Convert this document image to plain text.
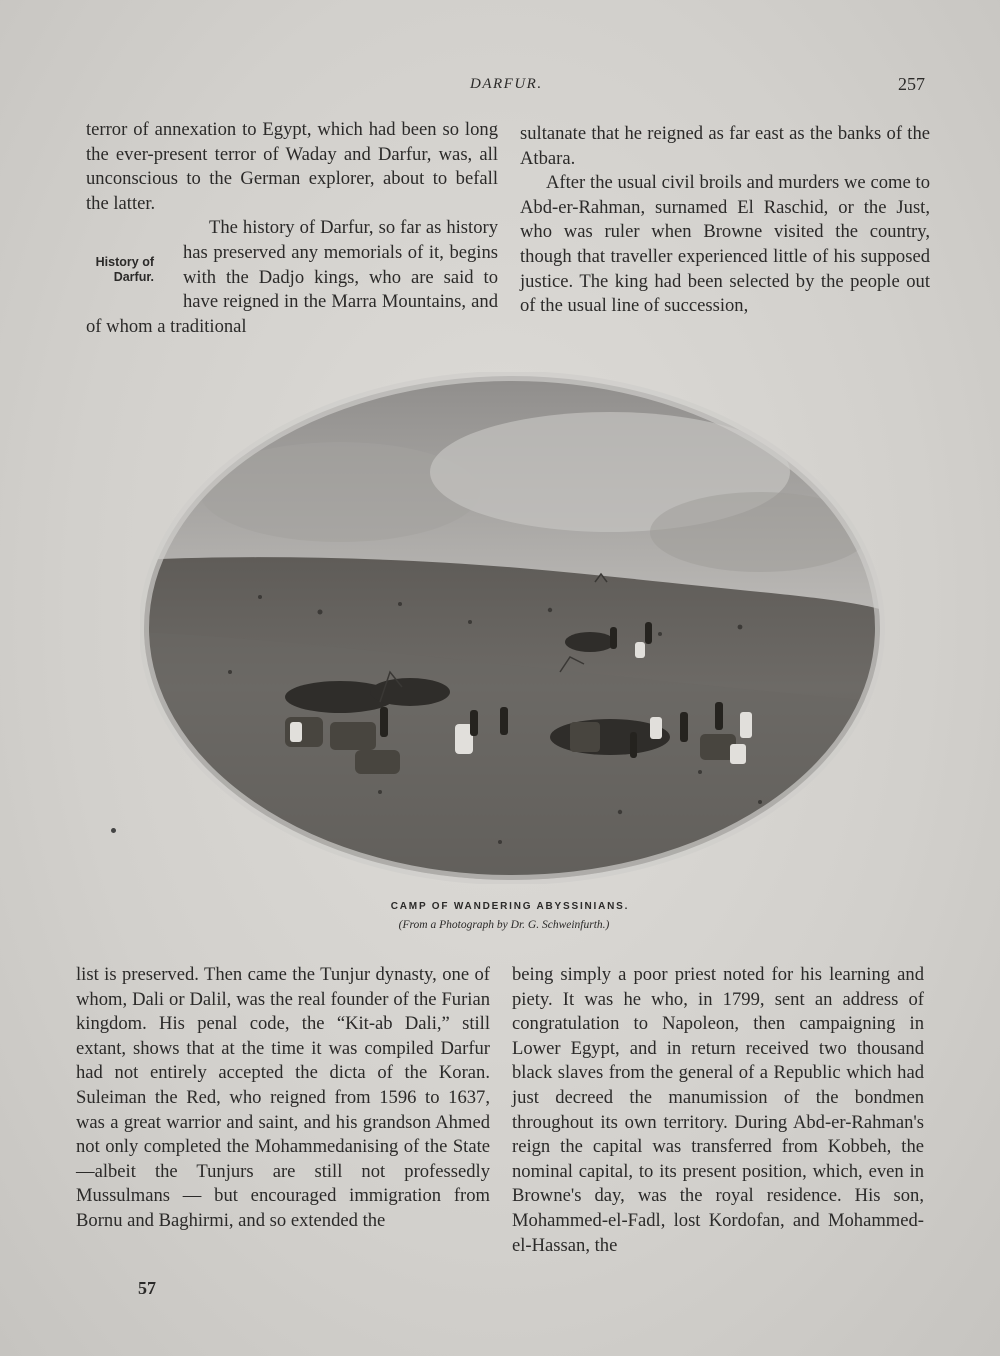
DARFUR.	257
History of
Darfur.

terror of annexation to Egypt, which had been so long the ever-present terror of Waday and Darfur, was, all unconscious to the German explorer, about to befall the latter.

The history of Darfur, so far as history has preserved any memorials of it, begins with the Dadjo kings, who are said to have reigned in the Marra Mountains, and of whom a traditional

sultanate that he reigned as far east as the banks of the Atbara.

After the usual civil broils and murders we come to Abd-er-Rahman, surnamed El Raschid, or the Just, who was ruler when Browne visited the country, though that traveller experienced little of his supposed justice. The king had been selected by the people out of the usual line of succession,

CAMP OF WANDERING ABYSSINIANS.
(From a Photograph by Dr. G. Schweinfurth.)

list is preserved. Then came the Tunjur dynasty, one of whom, Dali or Dalil, was the real founder of the Furian kingdom. His penal code, the “Kit-ab Dali,” still extant, shows that at the time it was compiled Darfur had not entirely accepted the dicta of the Koran. Suleiman the Red, who reigned from 1596 to 1637, was a great warrior and saint, and his grandson Ahmed not only completed the Mohammedanising of the State—albeit the Tunjurs are still not professedly Mussulmans — but encouraged immigration from Bornu and Baghirmi, and so extended the

being simply a poor priest noted for his learning and piety. It was he who, in 1799, sent an address of congratulation to Napoleon, then campaigning in Lower Egypt, and in return received two thousand black slaves from the general of a Republic which had just decreed the manumission of the bondmen throughout its own territory. During Abd-er-Rahman's reign the capital was transferred from Kobbeh, the nominal capital, to its present position, which, even in Browne's day, was the royal residence. His son, Mohammed-el-Fadl, lost Kordofan, and Mohammed-el-Hassan, the

57
